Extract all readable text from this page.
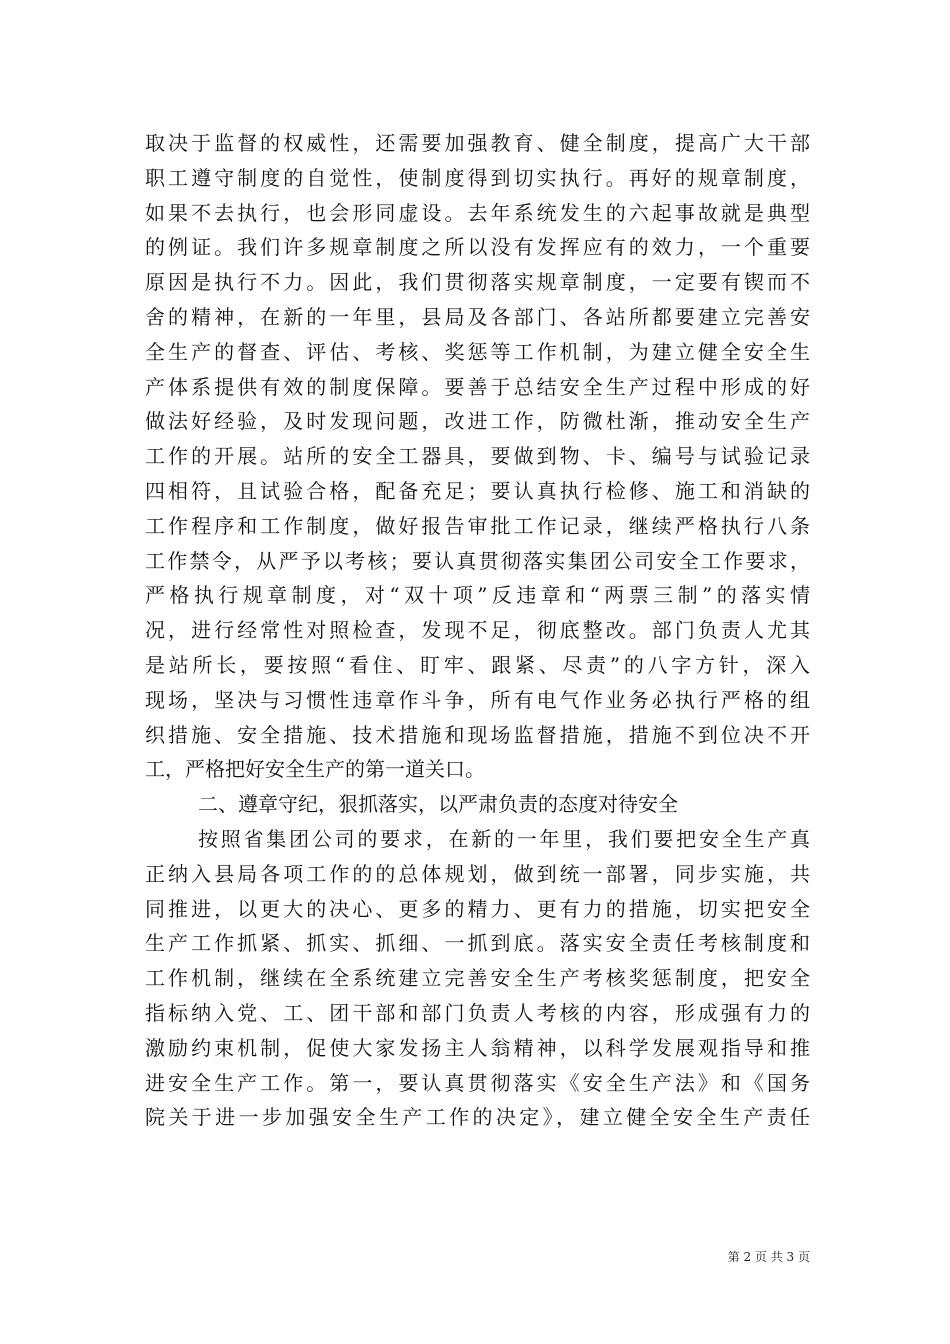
取决于监督的权威性，还需要加强教育、健全制度，提高广大干部
职工遵守制度的自觉性，使制度得到切实执行。再好的规章制度，
如果不去执行，也会形同虚设。去年系统发生的六起事故就是典型
的例证。我们许多规章制度之所以没有发挥应有的效力，一个重要
原因是执行不力。因此，我们贯彻落实规章制度，一定要有锲而不
舍的精神，在新的一年里，县局及各部门、各站所都要建立完善安
全生产的督查、评估、考核、奖惩等工作机制，为建立健全安全生
产体系提供有效的制度保障。要善于总结安全生产过程中形成的好
做法好经验，及时发现问题，改进工作，防微杜渐，推动安全生产
工作的开展。站所的安全工器具，要做到物、卡、编号与试验记录
四相符，且试验合格，配备充足；要认真执行检修、施工和消缺的
工作程序和工作制度，做好报告审批工作记录，继续严格执行八条
工作禁令，从严予以考核；要认真贯彻落实集团公司安全工作要求，
严格执行规章制度，对“双十项”反违章和“两票三制”的落实情
况，进行经常性对照检查，发现不足，彻底整改。部门负责人尤其
是站所长，要按照“看住、盯牢、跟紧、尽责”的八字方针，深入
现场，坚决与习惯性违章作斗争，所有电气作业务必执行严格的组
织措施、安全措施、技术措施和现场监督措施，措施不到位决不开
工，严格把好安全生产的第一道关口。
二、遵章守纪，狠抓落实，以严肃负责的态度对待安全
按照省集团公司的要求，在新的一年里，我们要把安全生产真
正纳入县局各项工作的的总体规划，做到统一部署，同步实施，共
同推进，以更大的决心、更多的精力、更有力的措施，切实把安全
生产工作抓紧、抓实、抓细、一抓到底。落实安全责任考核制度和
工作机制，继续在全系统建立完善安全生产考核奖惩制度，把安全
指标纳入党、工、团干部和部门负责人考核的内容，形成强有力的
激励约束机制，促使大家发扬主人翁精神，以科学发展观指导和推
进安全生产工作。第一，要认真贯彻落实《安全生产法》和《国务
院关于进一步加强安全生产工作的决定》，建立健全安全生产责任
第 2 页 共 3 页
